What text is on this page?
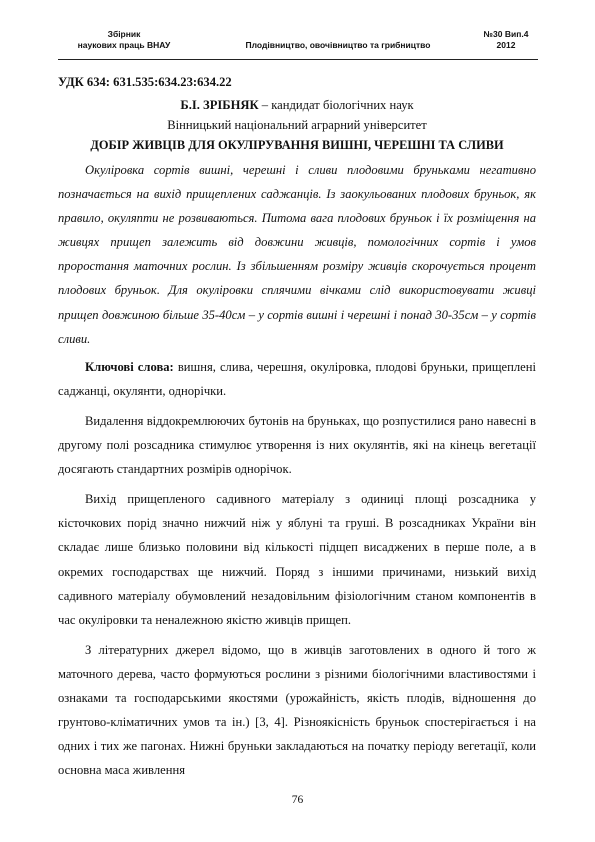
Збірник
наукових праць ВНАУ	Плодівництво, овочівництво та грибництво
№30 Вип.4
2012

УДК 634: 631.535:634.23:634.22

Б.І. ЗРІБНЯК – кандидат біологічних наук

Вінницький національний аграрний університет

ДОБІР ЖИВЦІВ ДЛЯ ОКУЛІРУВАННЯ ВИШНІ, ЧЕРЕШНІ ТА СЛИВИ

Окуліровка сортів вишні, черешні і сливи плодовими брунькaми негативно позначається на вихід прищеплених саджанців. Із заокульованих плодових бруньок, як правило, окуляnти не розвиваються. Питома вага плодових бруньок і їх розміщення на живцях прищеп залежить від довжини живців, помологічних сортів і умов проростання маточних рослин. Із збільшенням розміру живців скорочується процент плодових бруньок. Для окуліровки сплячими вічками слід використовувати живці прищеп довжиною більше 35-40см – у сортів вишні і черешні і понад 30-35см – у сортів сливи.

Ключові слова: вишня, слива, черешня, окуліровка, плодові бруньки, прищеплені саджанці, окулянти, однорічки.

Видалення віддокремлюючих бутонів на бруньках, що розпустилися рано навесні в другому полі розсадника стимулює утворення із них окулянтів, які на кінець вегетації досягають стандартних розмірів однорічок.

Вихід прищепленого садивного матеріалу з одиниці площі розсадника у кісточкових порід значно нижчий ніж у яблуні та груші. В розсадниках України він складає лише близько половини від кількості підщеп висаджених в перше поле, а в окремих господарствах ще нижчий. Поряд з іншими причинами, низький вихід садивного матеріалу обумовлений незадовільним фізіологічним станом компонентів в час окуліровки та неналежною якістю живців прищеп.

З літературних джерел відомо, що в живців заготовлених в одного й того ж маточного дерева, часто формуються рослини з різними біологічними властивостями і ознаками та господарськими якостями (урожайність, якість плодів, відношення до грунтово-кліматичних умов та ін.) [3, 4]. Різноякісність бруньок спостерігається і на одних і тих же пагонах. Нижні бруньки закладаються на початку періоду вегетації, коли основна маса живлення

76
